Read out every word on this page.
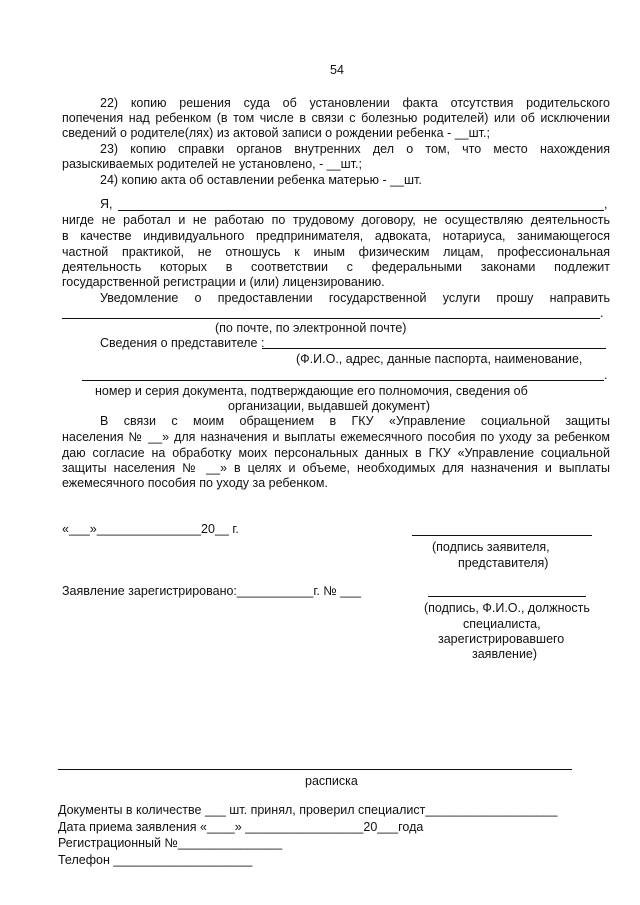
54
22) копию решения суда об установлении факта отсутствия родительского
попечения над ребенком (в том числе в связи с болезнью родителей) или об исключении
сведений о родителе(лях) из актовой записи о рождении ребенка - __шт.;
23) копию справки органов внутренних дел о том, что место нахождения
разыскиваемых родителей не установлено, - __шт.;
24) копию акта об оставлении ребенка матерью - __шт.
Я,	,
нигде не работал и не работаю по трудовому договору, не осуществляю деятельность
в качестве индивидуального предпринимателя, адвоката, нотариуса, занимающегося
частной практикой, не отношусь к иным физическим лицам, профессиональная
деятельность которых в соответствии с федеральными законами подлежит
государственной регистрации и (или) лицензированию.
Уведомление о предоставлении государственной услуги прошу направить
.
(по почте, по электронной почте)
Сведения о представителе :
(Ф.И.О., адрес, данные паспорта, наименование,
.
номер и серия документа, подтверждающие его полномочия, сведения об
организации, выдавшей документ)
В связи с моим обращением в ГКУ «Управление социальной защиты
населения № __» для назначения и выплаты ежемесячного пособия по уходу за ребенком
даю согласие на обработку моих персональных данных в ГКУ «Управление социальной
защиты населения № __» в целях и объеме, необходимых для назначения и выплаты
ежемесячного пособия по уходу за ребенком.
«___»_______________20__ г.
(подпись заявителя,
представителя)
Заявление зарегистрировано:___________г. № ___
(подпись, Ф.И.О., должность
специалиста,
зарегистрировавшего
заявление)
расписка
Документы в количестве ___ шт. принял, проверил специалист___________________
Дата приема заявления «____» _________________20___года
Регистрационный №_______________
Телефон ____________________
